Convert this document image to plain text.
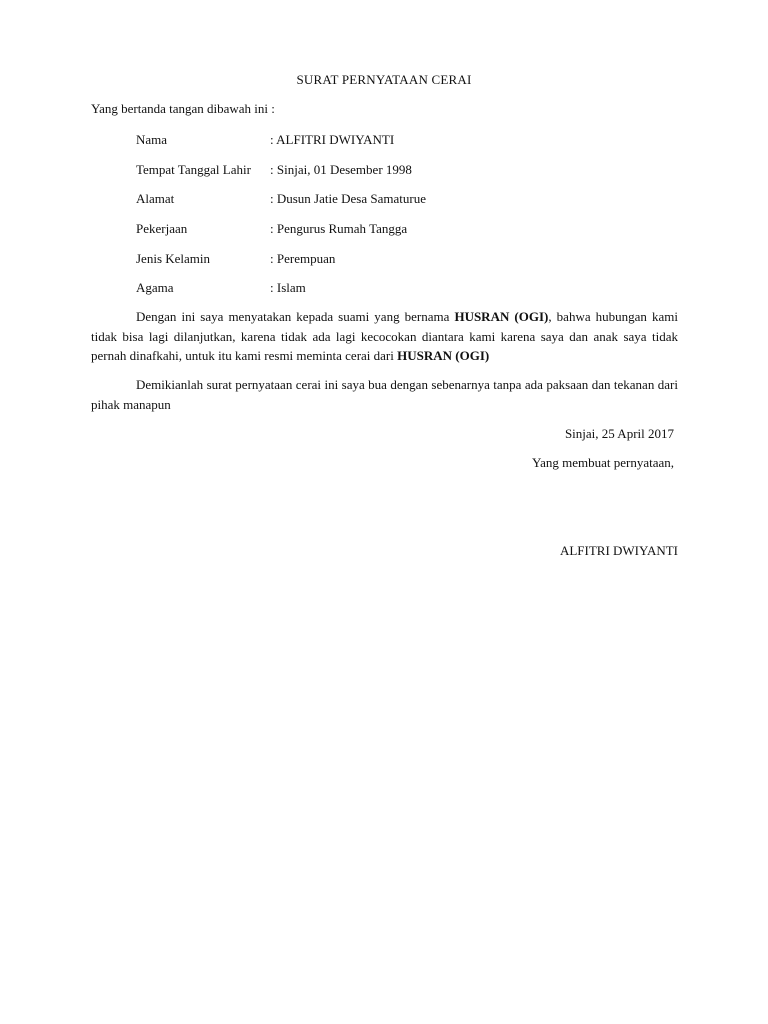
SURAT PERNYATAAN CERAI
Yang bertanda tangan dibawah ini :
Nama	: ALFITRI DWIYANTI
Tempat Tanggal Lahir	: Sinjai, 01 Desember 1998
Alamat	: Dusun Jatie Desa Samaturue
Pekerjaan	: Pengurus Rumah Tangga
Jenis Kelamin	: Perempuan
Agama	: Islam
Dengan ini saya menyatakan kepada suami yang bernama HUSRAN (OGI), bahwa hubungan kami tidak bisa lagi dilanjutkan, karena tidak ada lagi kecocokan diantara kami karena saya dan anak saya tidak pernah dinafkahi, untuk itu kami resmi meminta cerai dari HUSRAN (OGI)
Demikianlah surat pernyataan cerai ini saya bua dengan sebenarnya tanpa ada paksaan dan tekanan dari pihak manapun
Sinjai, 25 April 2017
Yang membuat pernyataan,
ALFITRI DWIYANTI
